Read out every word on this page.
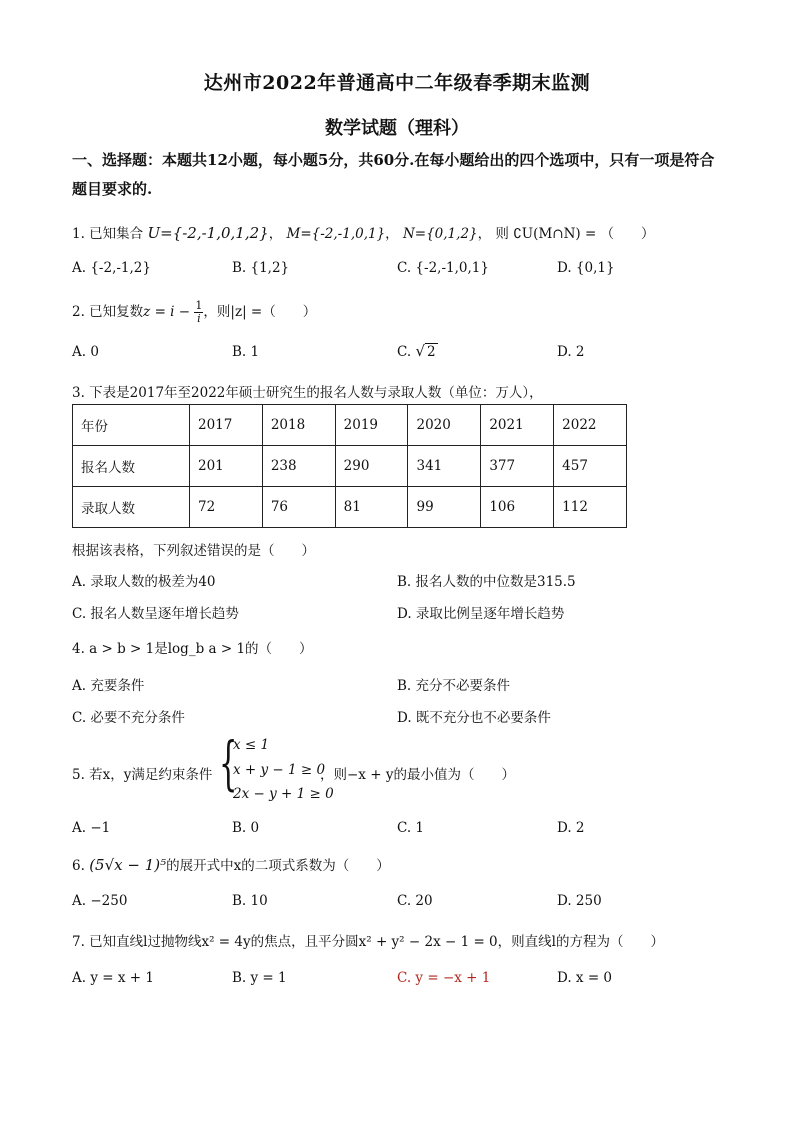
达州市2022年普通高中二年级春季期末监测
数学试题（理科）
一、选择题：本题共12小题，每小题5分，共60分.在每小题给出的四个选项中，只有一项是符合题目要求的.
1. 已知集合 U={-2,-1,0,1,2}， M={-2,-1,0,1}， N={0,1,2}， 则 ∁U(M∩N) = （　　）
A. {-2,-1,2}	B. {1,2}	C. {-2,-1,0,1}	D. {0,1}
2. 已知复数$z = i - \frac{1}{i}$ ，则|z| =（　　）
A. 0	B. 1	C. √ 2	D. 2
3. 下表是2017年至2022年硕士研究生的报名人数与录取人数（单位：万人），
年份	2017	2018	2019	2020	2021	2022
报名人数	201	238	290	341	377	457
录取人数	72	76	81	99	106	112
根据该表格，下列叙述错误的是（　　）
A. 录取人数的极差为40	B. 报名人数的中位数是315.5
C. 报名人数呈逐年增长趋势	D. 录取比例呈逐年增长趋势
4. a > b > 1是log_b a > 1的（　　）
A. 充要条件	B. 充分不必要条件
C. 必要不充分条件	D. 既不充分也不必要条件
5. 若x，y满足约束条件 {
x ≤ 1
x + y − 1 ≥ 0
2x − y + 1 ≥ 0
，则−x + y的最小值为（　　）
A. −1	B. 0	C. 1	D. 2
6. (5√x − 1)⁵的展开式中x的二项式系数为（　　）
A. −250	B. 10	C. 20	D. 250
7. 已知直线l过抛物线x² = 4y的焦点，且平分圆x² + y² − 2x − 1 = 0，则直线l的方程为（　　）
A. y = x + 1	B. y = 1	C. y = −x + 1	D. x = 0
